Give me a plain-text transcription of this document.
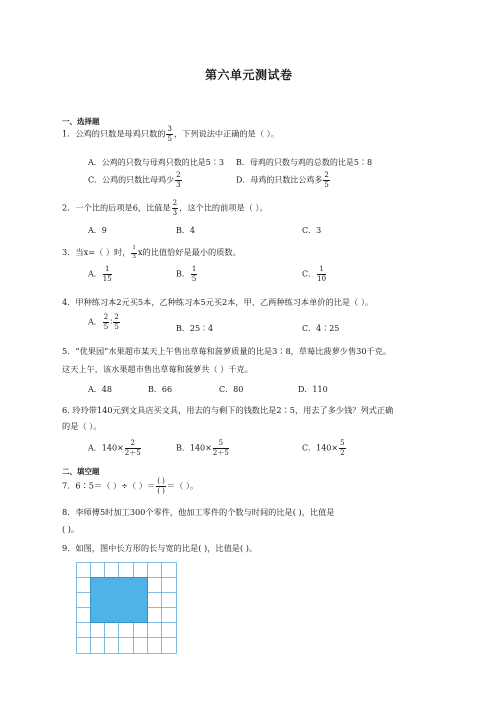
第六单元测试卷
一、选择题
1．公鸡的只数是母鸡只数的 $\frac{3}{5}$ ，下列说法中正确的是（ ）。
A．公鸡的只数与母鸡只数的比是5∶3 B．母鸡的只数与鸡的总数的比是5∶8
C．公鸡的只数比母鸡少 $\frac{2}{3}$	D．母鸡的只数比公鸡多 $\frac{2}{5}$
2．一个比的后项是6，比值是 $\frac{2}{3}$ ，这个比的前项是（ ）。
A．9	B．4	C．3
3．当x=（ ）时， $\frac{1}{3}$ x的比值恰好是最小的质数。
A． $\frac{1}{15}$	B． $\frac{1}{5}$	C． $\frac{1}{10}$
4．甲种练习本2元买5本，乙种练习本5元买2本，甲、乙两种练习本单价的比是（ ）。
A． $\frac{2}{5}$ ∶ $\frac{2}{5}$	B．25∶4	C．4∶25
5．“优果园”水果超市某天上午售出草莓和菠萝质量的比是3∶8，草莓比菠萝少售30千克。
这天上午，该水果超市售出草莓和菠萝共（ ）千克。
A．48	B．66	C．80	D．110
6. 玲玲带140元到文具店买文具，用去的与剩下的钱数比是2∶5，用去了多少钱？列式正确
的是（ ）。
A．$140\times \frac{2}{2+5}$	B．$140\times \frac{5}{2+5}$	C．$140\times \frac{5}{2}$
二、填空题
7．6∶5＝（ ）÷（ ）＝ ( )
( )
＝（ ）。
8．李师傅5时加工300个零件，他加工零件的个数与时间的比是( )，比值是
( )。
9．如图，图中长方形的长与宽的比是( )，比值是( )。
